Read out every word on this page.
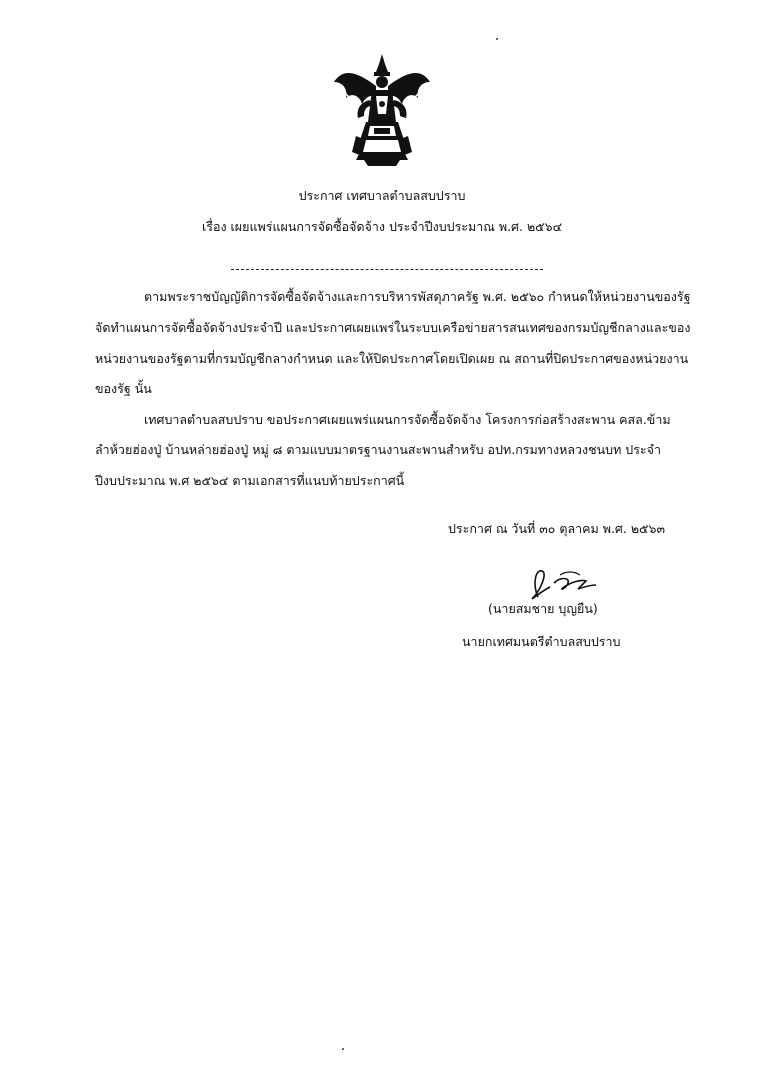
ประกาศ เทศบาลตำบลสบปราบ
เรื่อง เผยแพร่แผนการจัดซื้อจัดจ้าง ประจำปีงบประมาณ พ.ศ. ๒๕๖๔
ตามพระราชบัญญัติการจัดซื้อจัดจ้างและการบริหารพัสดุภาครัฐ พ.ศ. ๒๕๖๐ กำหนดให้หน่วยงานของรัฐ
จัดทำแผนการจัดซื้อจัดจ้างประจำปี และประกาศเผยแพร่ในระบบเครือข่ายสารสนเทศของกรมบัญชีกลางและของ
หน่วยงานของรัฐตามที่กรมบัญชีกลางกำหนด และให้ปิดประกาศโดยเปิดเผย ณ สถานที่ปิดประกาศของหน่วยงาน
ของรัฐ นั้น
เทศบาลตำบลสบปราบ ขอประกาศเผยแพร่แผนการจัดซื้อจัดจ้าง โครงการก่อสร้างสะพาน คสล.ข้าม
ลำห้วยฮ่องปู่ บ้านหล่ายฮ่องปู่ หมู่ ๘ ตามแบบมาตรฐานงานสะพานสำหรับ อปท.กรมทางหลวงชนบท ประจำ
ปีงบประมาณ พ.ศ ๒๕๖๔ ตามเอกสารที่แนบท้ายประกาศนี้
ประกาศ ณ วันที่ ๓๐ ตุลาคม พ.ศ. ๒๕๖๓
(นายสมชาย บุญยืน)
นายกเทศมนตรีตำบลสบปราบ
